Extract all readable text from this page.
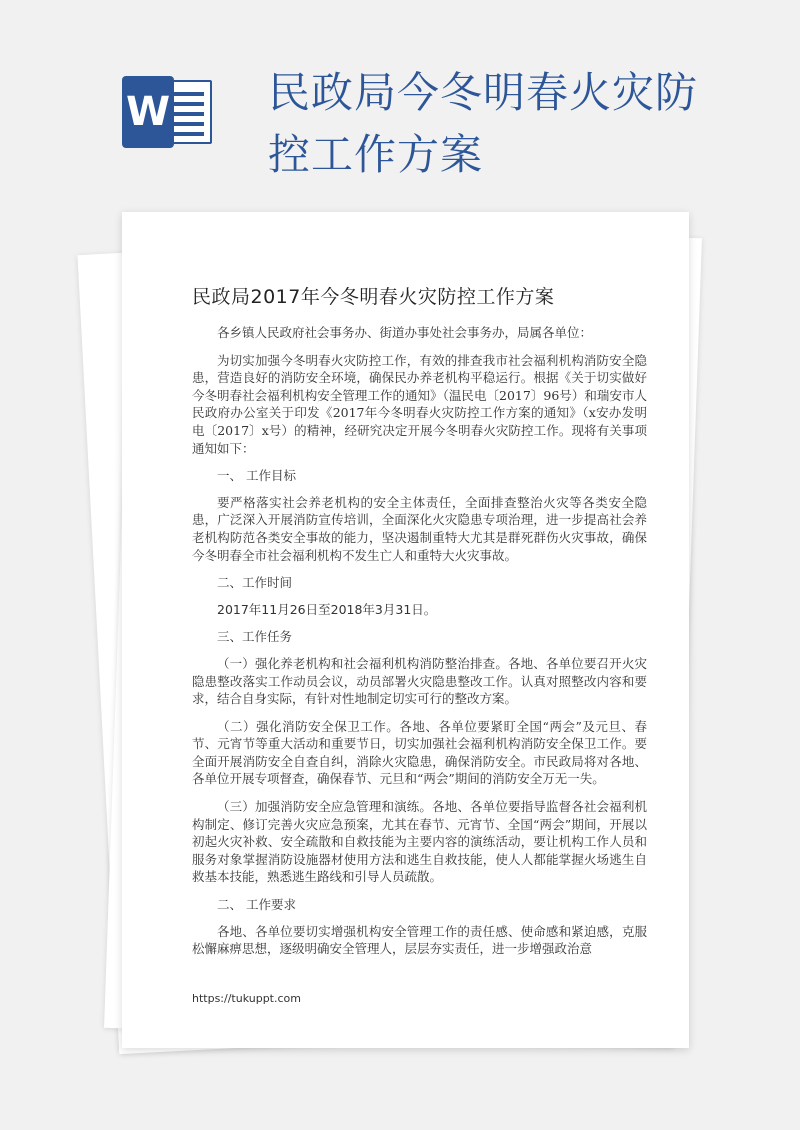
W 民政局今冬明春火灾防控工作方案
民政局2017年今冬明春火灾防控工作方案

各乡镇人民政府社会事务办、街道办事处社会事务办，局属各单位：

为切实加强今冬明春火灾防控工作，有效的排查我市社会福利机构消防安全隐患，营造良好的消防安全环境，确保民办养老机构平稳运行。根据《关于切实做好今冬明春社会福利机构安全管理工作的通知》（温民电〔2017〕96号）和瑞安市人民政府办公室关于印发《2017年今冬明春火灾防控工作方案的通知》（x安办发明电〔2017〕x号）的精神，经研究决定开展今冬明春火灾防控工作。现将有关事项通知如下：

一、 工作目标

要严格落实社会养老机构的安全主体责任，全面排查整治火灾等各类安全隐患，广泛深入开展消防宣传培训，全面深化火灾隐患专项治理，进一步提高社会养老机构防范各类安全事故的能力，坚决遏制重特大尤其是群死群伤火灾事故，确保今冬明春全市社会福利机构不发生亡人和重特大火灾事故。

二、工作时间

2017年11月26日至2018年3月31日。

三、工作任务

（一）强化养老机构和社会福利机构消防整治排查。各地、各单位要召开火灾隐患整改落实工作动员会议，动员部署火灾隐患整改工作。认真对照整改内容和要求，结合自身实际，有针对性地制定切实可行的整改方案。

（二）强化消防安全保卫工作。各地、各单位要紧盯全国“两会”及元旦、春节、元宵节等重大活动和重要节日，切实加强社会福利机构消防安全保卫工作。要全面开展消防安全自查自纠，消除火灾隐患，确保消防安全。市民政局将对各地、各单位开展专项督查，确保春节、元旦和“两会”期间的消防安全万无一失。

（三）加强消防安全应急管理和演练。各地、各单位要指导监督各社会福利机构制定、修订完善火灾应急预案，尤其在春节、元宵节、全国“两会”期间，开展以初起火灾补救、安全疏散和自救技能为主要内容的演练活动，要让机构工作人员和服务对象掌握消防设施器材使用方法和逃生自救技能，使人人都能掌握火场逃生自救基本技能，熟悉逃生路线和引导人员疏散。

二、 工作要求

各地、各单位要切实增强机构安全管理工作的责任感、使命感和紧迫感，克服松懈麻痹思想，逐级明确安全管理人，层层夯实责任，进一步增强政治意

https://tukuppt.com
